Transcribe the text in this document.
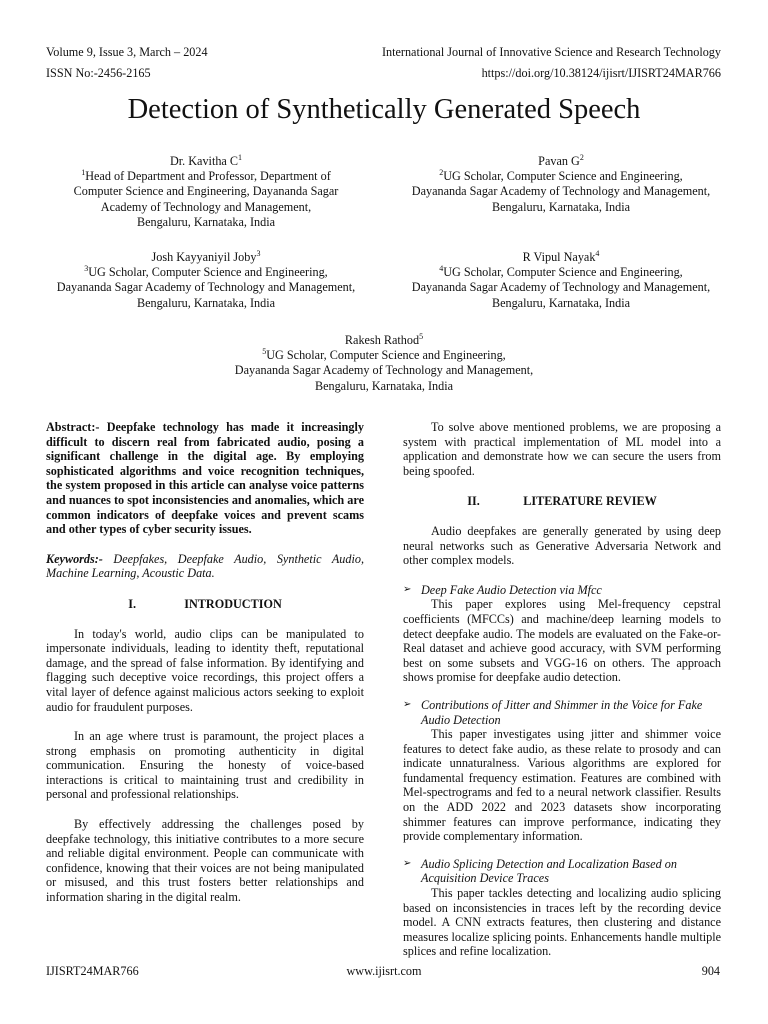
Volume 9, Issue 3, March – 2024	International Journal of Innovative Science and Research Technology
ISSN No:-2456-2165	https://doi.org/10.38124/ijisrt/IJISRT24MAR766
Detection of Synthetically Generated Speech
Dr. Kavitha $C^1$
$^1$Head of Department and Professor, Department of
Computer Science and Engineering, Dayananda Sagar
Academy of Technology and Management,
Bengaluru, Karnataka, India
Pavan $G^2$
$^2$UG Scholar, Computer Science and Engineering,
Dayananda Sagar Academy of Technology and Management,
Bengaluru, Karnataka, India
Josh Kayyaniyil Joby$^3$
$^3$UG Scholar, Computer Science and Engineering,
Dayananda Sagar Academy of Technology and Management,
Bengaluru, Karnataka, India
R Vipul Nayak$^4$
$^4$UG Scholar, Computer Science and Engineering,
Dayananda Sagar Academy of Technology and Management,
Bengaluru, Karnataka, India
Rakesh Rathod$^5$
$^5$UG Scholar, Computer Science and Engineering,
Dayananda Sagar Academy of Technology and Management,
Bengaluru, Karnataka, India

Abstract:- Deepfake technology has made it increasingly difficult to discern real from fabricated audio, posing a significant challenge in the digital age. By employing sophisticated algorithms and voice recognition techniques, the system proposed in this article can analyse voice patterns and nuances to spot inconsistencies and anomalies, which are common indicators of deepfake voices and prevent scams and other types of cyber security issues.

Keywords:- Deepfakes, Deepfake Audio, Synthetic Audio, Machine Learning, Acoustic Data.

I.	INTRODUCTION

In today's world, audio clips can be manipulated to impersonate individuals, leading to identity theft, reputational damage, and the spread of false information. By identifying and flagging such deceptive voice recordings, this project offers a vital layer of defence against malicious actors seeking to exploit audio for fraudulent purposes.

In an age where trust is paramount, the project places a strong emphasis on promoting authenticity in digital communication. Ensuring the honesty of voice-based interactions is critical to maintaining trust and credibility in personal and professional relationships.

By effectively addressing the challenges posed by deepfake technology, this initiative contributes to a more secure and reliable digital environment. People can communicate with confidence, knowing that their voices are not being manipulated or misused, and this trust fosters better relationships and information sharing in the digital realm.

To solve above mentioned problems, we are proposing a system with practical implementation of ML model into a application and demonstrate how we can secure the users from being spoofed.

II.	LITERATURE REVIEW

Audio deepfakes are generally generated by using deep neural networks such as Generative Adversaria Network and other complex models.

➢ Deep Fake Audio Detection via Mfcc

This paper explores using Mel-frequency cepstral coefficients (MFCCs) and machine/deep learning models to detect deepfake audio. The models are evaluated on the Fake-or-Real dataset and achieve good accuracy, with SVM performing best on some subsets and VGG-16 on others. The approach shows promise for deepfake audio detection.

➢ Contributions of Jitter and Shimmer in the Voice for Fake Audio Detection

This paper investigates using jitter and shimmer voice features to detect fake audio, as these relate to prosody and can indicate unnaturalness. Various algorithms are explored for fundamental frequency estimation. Features are combined with Mel-spectrograms and fed to a neural network classifier. Results on the ADD 2022 and 2023 datasets show incorporating shimmer features can improve performance, indicating they provide complementary information.

➢ Audio Splicing Detection and Localization Based on Acquisition Device Traces

This paper tackles detecting and localizing audio splicing based on inconsistencies in traces left by the recording device model. A CNN extracts features, then clustering and distance measures localize splicing points. Enhancements handle multiple splices and refine localization.

IJISRT24MAR766	www.ijisrt.com	904
